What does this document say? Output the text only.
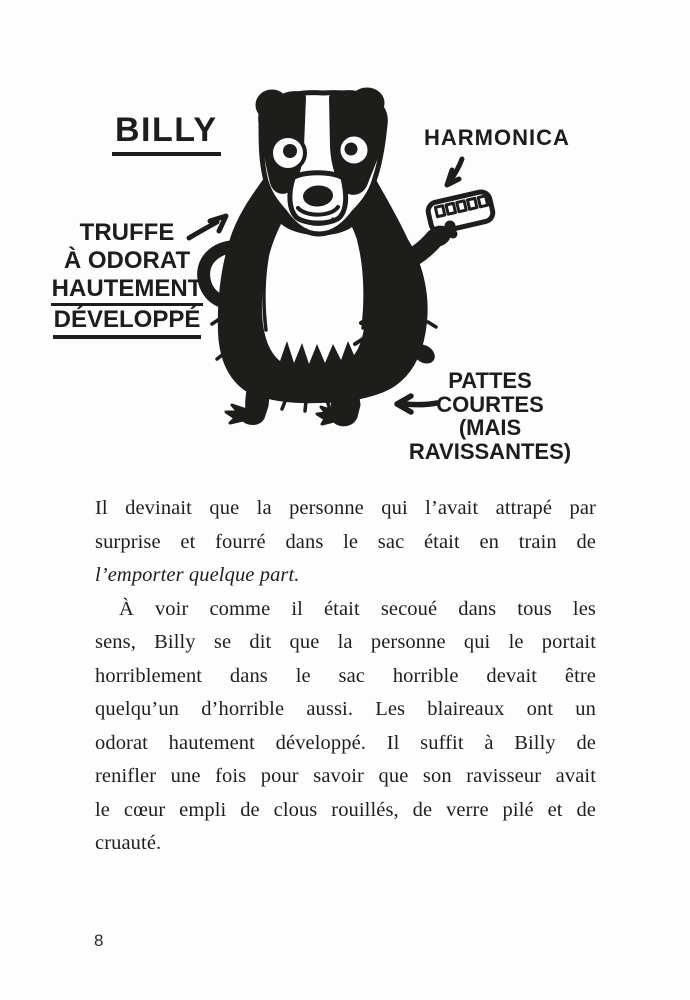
BILLY	HARMONICA
TRUFFE
À ODORAT
HAUTEMENT
DÉVELOPPÉ
PATTES
COURTES
(MAIS
RAVISSANTES)
Il devinait que la personne qui l’avait attrapé par
surprise et fourré dans le sac était en train de
l’emporter quelque part.
À voir comme il était secoué dans tous les
sens, Billy se dit que la personne qui le portait
horriblement dans le sac horrible devait être
quelqu’un d’horrible aussi. Les blaireaux ont un
odorat hautement développé. Il suffit à Billy de
renifler une fois pour savoir que son ravisseur avait
le cœur empli de clous rouillés, de verre pilé et de
cruauté.
8
